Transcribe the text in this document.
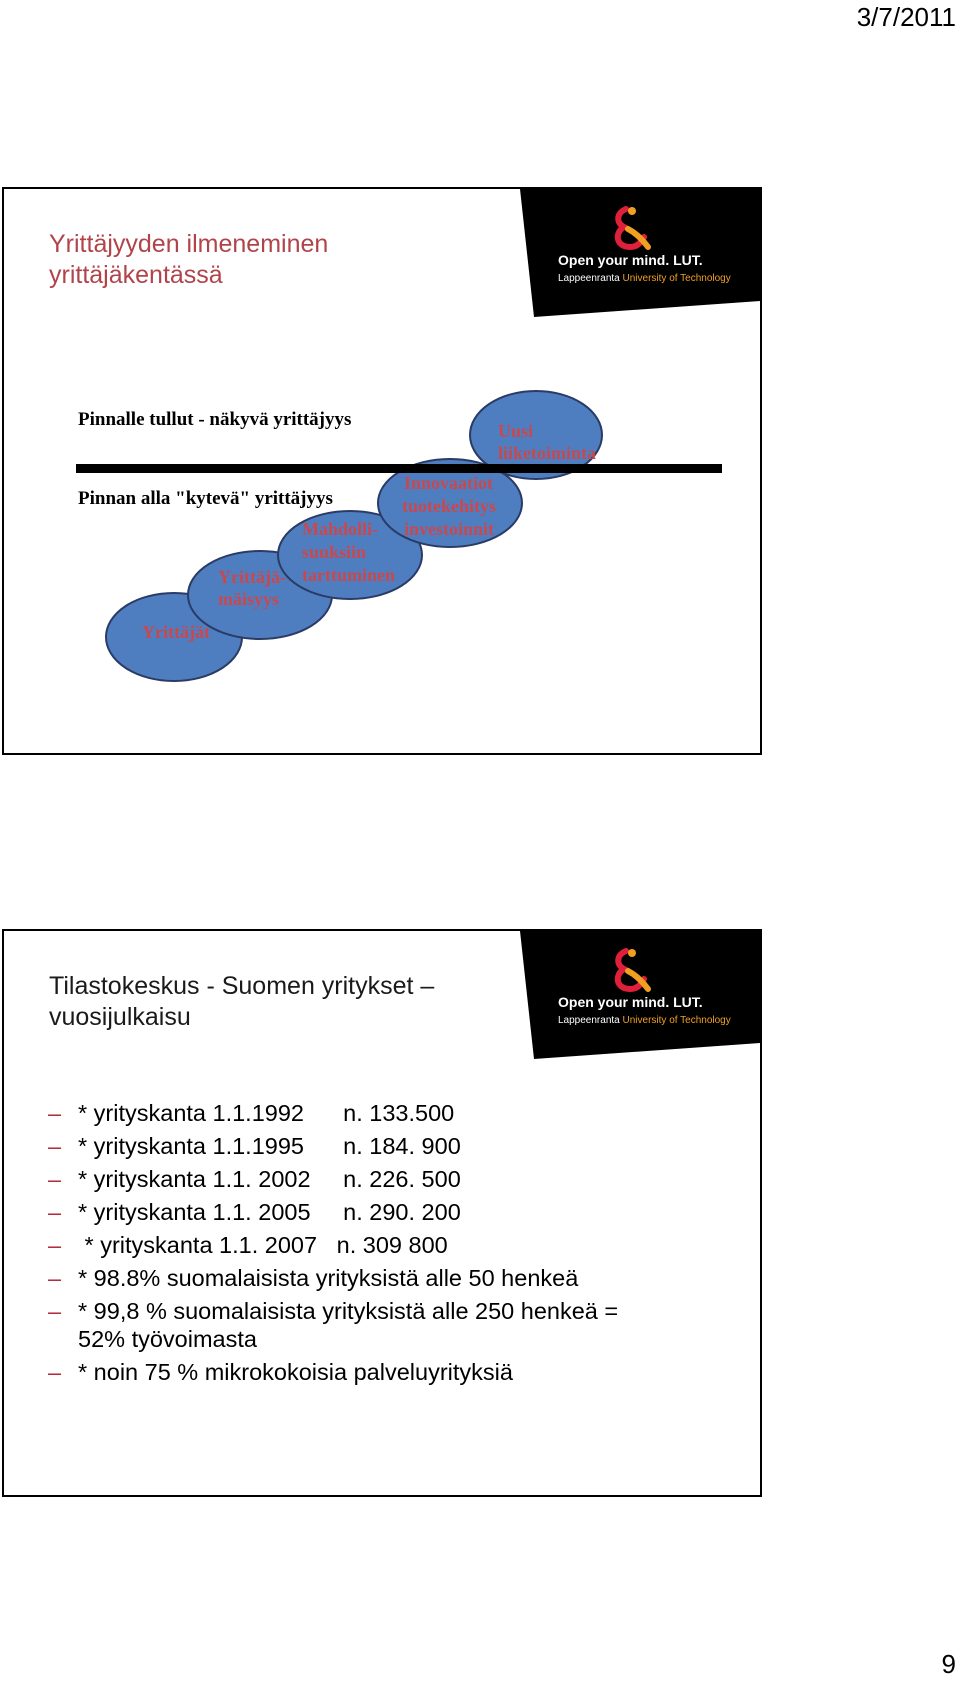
3/7/2011
Open your mind. LUT.
Lappeenranta University of Technology
Yrittäjyyden ilmeneminen
yrittäjäkentässä
Pinnalle tullut - näkyvä yrittäjyys
Pinnan alla "kytevä" yrittäjyys
Yrittäjät
Yrittäjä-
mäisyys
Mahdolli-
suuksiin
tarttuminen
Innovaatiot
tuotekehitys
investoinnit
Uusi
liiketoiminta
Open your mind. LUT.
Lappeenranta University of Technology
Tilastokeskus - Suomen yritykset –
vuosijulkaisu
– * yrityskanta 1.1.1992      n. 133.500
– * yrityskanta 1.1.1995      n. 184. 900
– * yrityskanta 1.1. 2002     n. 226. 500
– * yrityskanta 1.1. 2005     n. 290. 200
– * yrityskanta 1.1. 2007   n. 309 800
– * 98.8% suomalaisista yrityksistä alle 50 henkeä
– * 99,8 % suomalaisista yrityksistä alle 250 henkeä =
52% työvoimasta
– * noin 75 % mikrokokoisia palveluyrityksiä
9
